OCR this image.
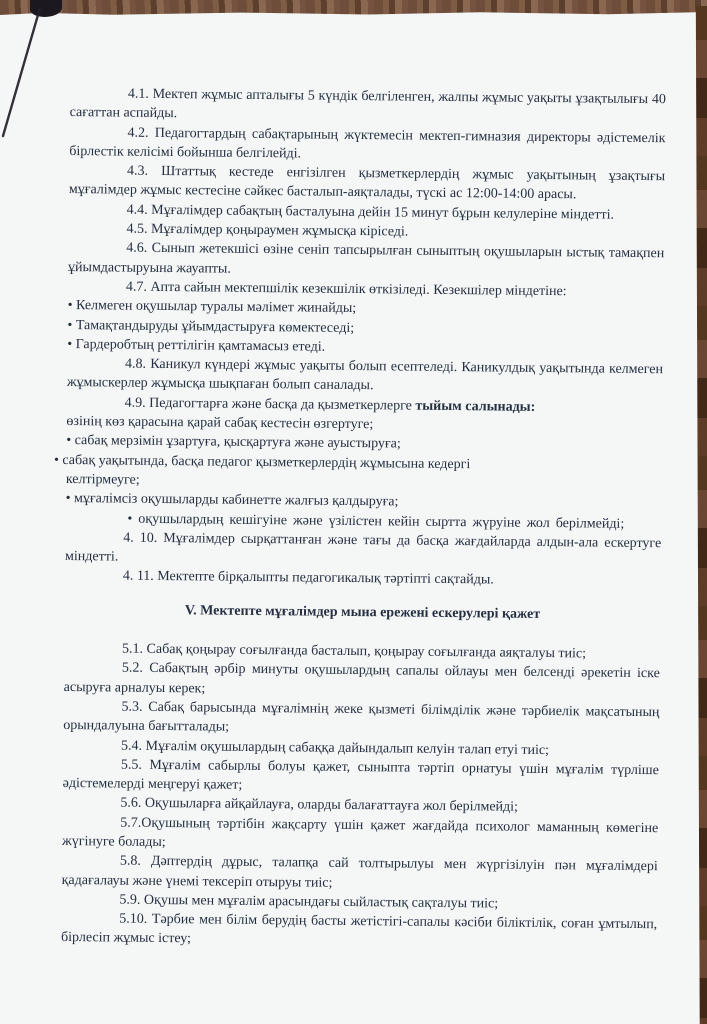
4.1. Мектеп жұмыс апталығы 5 күндік белгіленген, жалпы жұмыс уақыты ұзақтылығы 40 сағаттан аспайды.

4.2. Педагогтардың сабақтарының жүктемесін мектеп-гимназия директоры әдістемелік бірлестік келісімі бойынша белгілейді.

4.3. Штаттық кестеде енгізілген қызметкерлердің жұмыс уақытының ұзақтығы мұғалімдер жұмыс кестесіне сәйкес басталып-аяқталады, түскі ас 12:00-14:00 арасы.

4.4. Мұғалімдер сабақтың басталуына дейін 15 минут бұрын келулеріне міндетті.

4.5. Мұғалімдер қоңыраумен жұмысқа кіріседі.

4.6. Сынып жетекшісі өзіне сеніп тапсырылған сыныптың оқушыларын ыстық тамақпен ұйымдастыруына жауапты.

4.7. Апта сайын мектепшілік кезекшілік өткізіледі. Кезекшілер міндетіне:

• Келмеген оқушылар туралы мәлімет жинайды;

• Тамақтандыруды ұйымдастыруға көмектеседі;

• Гардеробтың реттілігін қамтамасыз етеді.

4.8. Каникул күндері жұмыс уақыты болып есептеледі. Каникулдық уақытында келмеген жұмыскерлер жұмысқа шықпаған болып саналады.

4.9. Педагогтарға және басқа да қызметкерлерге тыйым салынады:

өзінің көз қарасына қарай сабақ кестесін өзгертуге;

• сабақ мерзімін ұзартуға, қысқартуға және ауыстыруға;

• сабақ уақытында, басқа педагог қызметкерлердің жұмысына кедергі келтірмеуге;

• мұғалімсіз оқушыларды кабинетте жалғыз қалдыруға;

• оқушылардың кешігуіне және үзілістен кейін сыртта жүруіне жол берілмейді;

4. 10. Мұғалімдер сырқаттанған және тағы да басқа жағдайларда алдын-ала ескертуге міндетті.

4. 11. Мектепте бірқалыпты педагогикалық тәртіпті сақтайды.

V. Мектепте мұғалімдер мына ережені ескерулері қажет

5.1. Сабақ қоңырау соғылғанда басталып, қоңырау соғылғанда аяқталуы тиіс;

5.2. Сабақтың әрбір минуты оқушылардың сапалы ойлауы мен белсенді әрекетін іске асыруға арналуы керек;

5.3. Сабақ барысында мұғалімнің жеке қызметі білімділік және тәрбиелік мақсатының орындалуына бағытталады;

5.4. Мұғалім оқушылардың сабаққа дайындалып келуін талап етуі тиіс;

5.5. Мұғалім сабырлы болуы қажет, сыныпта тәртіп орнатуы үшін мұғалім түрліше әдістемелерді меңгеруі қажет;

5.6. Оқушыларға айқайлауға, оларды балағаттауға жол берілмейді;

5.7.Оқушының тәртібін жақсарту үшін қажет жағдайда психолог маманның көмегіне жүгінуге болады;

5.8. Дәптердің дұрыс, талапқа сай толтырылуы мен жүргізілуін пән мұғалімдері қадағалауы және үнемі тексеріп отыруы тиіс;

5.9. Оқушы мен мұғалім арасындағы сыйластық сақталуы тиіс;

5.10. Тәрбие мен білім берудің басты жетістігі-сапалы кәсіби біліктілік, соған ұмтылып, бірлесіп жұмыс істеу;
